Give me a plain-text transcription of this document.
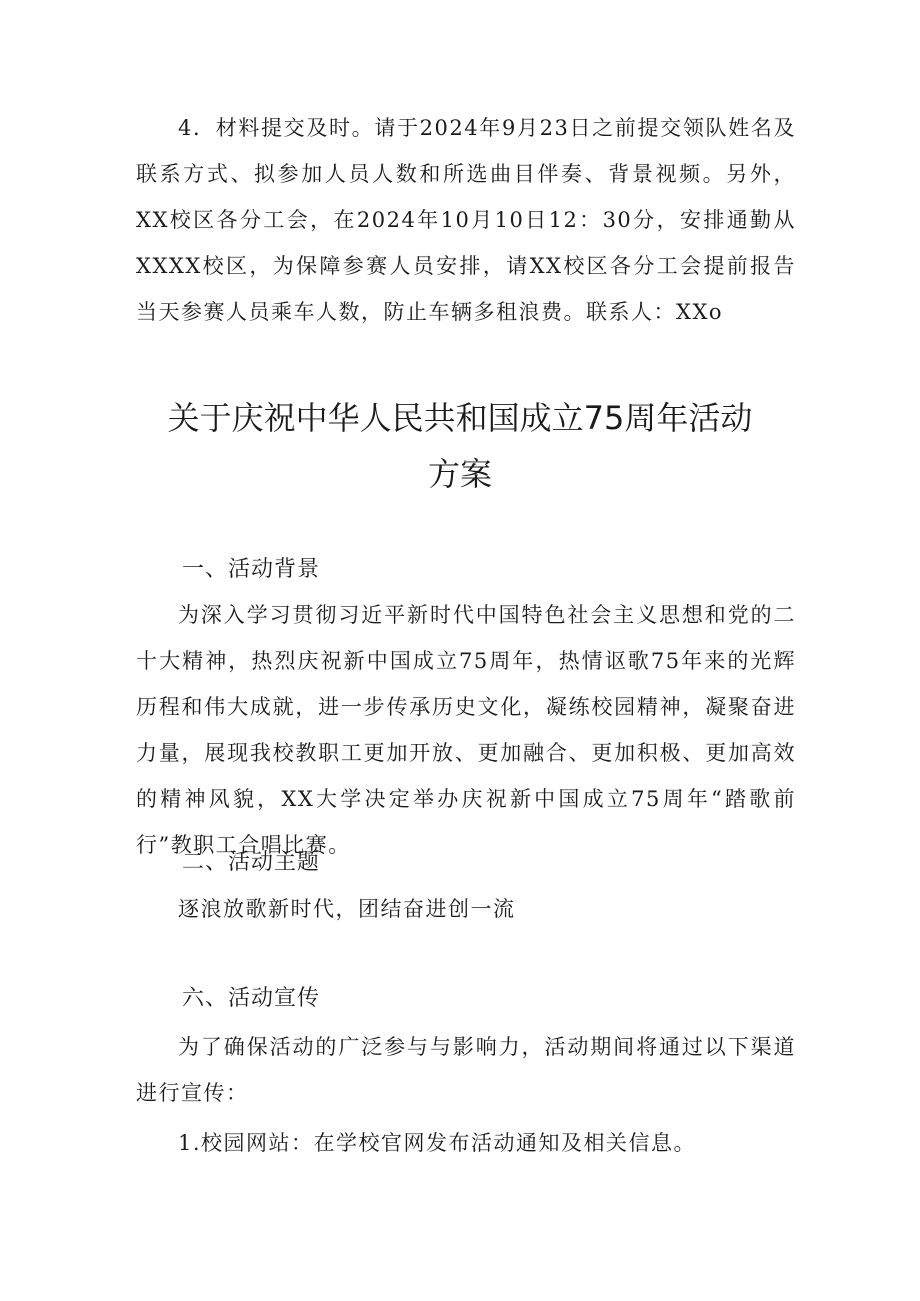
4．材料提交及时。请于2024年9月23日之前提交领队姓名及联系方式、拟参加人员人数和所选曲目伴奏、背景视频。另外，XX校区各分工会，在2024年10月10日12：30分，安排通勤从XXXX校区，为保障参赛人员安排，请XX校区各分工会提前报告当天参赛人员乘车人数，防止车辆多租浪费。联系人：XXo

关于庆祝中华人民共和国成立75周年活动
方案
一、活动背景

为深入学习贯彻习近平新时代中国特色社会主义思想和党的二十大精神，热烈庆祝新中国成立75周年，热情讴歌75年来的光辉历程和伟大成就，进一步传承历史文化，凝练校园精神，凝聚奋进力量，展现我校教职工更加开放、更加融合、更加积极、更加高效的精神风貌，XX大学决定举办庆祝新中国成立75周年“踏歌前行”教职工合唱比赛。

二、活动主题

逐浪放歌新时代，团结奋进创一流

六、活动宣传

为了确保活动的广泛参与与影响力，活动期间将通过以下渠道进行宣传：

1.校园网站：在学校官网发布活动通知及相关信息。
